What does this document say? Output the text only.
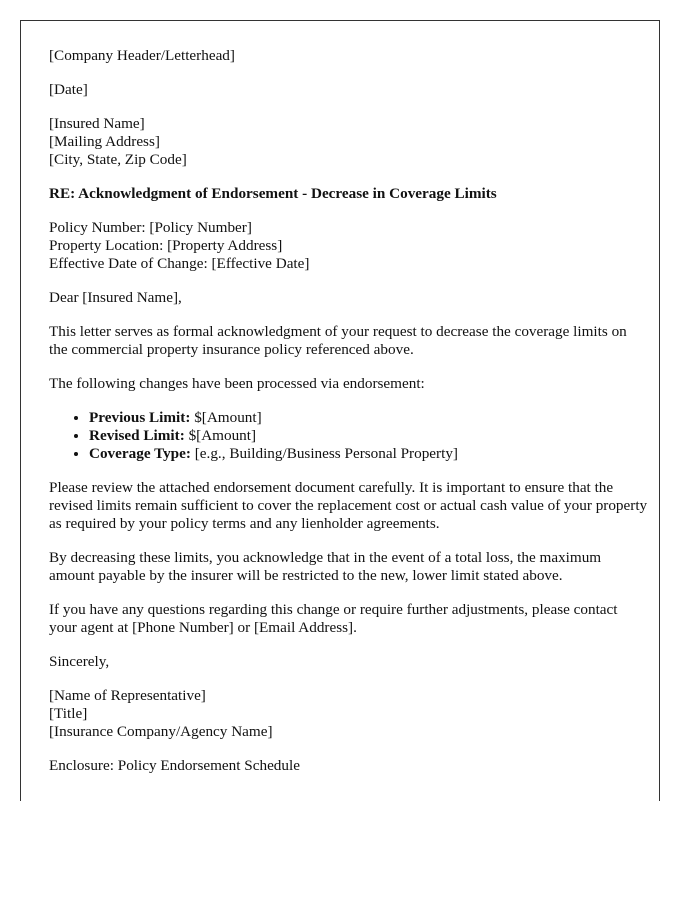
[Company Header/Letterhead]

[Date]

[Insured Name]
[Mailing Address]
[City, State, Zip Code]

RE: Acknowledgment of Endorsement - Decrease in Coverage Limits

Policy Number: [Policy Number]
Property Location: [Property Address]
Effective Date of Change: [Effective Date]

Dear [Insured Name],

This letter serves as formal acknowledgment of your request to decrease the coverage limits on the commercial property insurance policy referenced above.

The following changes have been processed via endorsement:

• Previous Limit: $[Amount]
• Revised Limit: $[Amount]
• Coverage Type: [e.g., Building/Business Personal Property]

Please review the attached endorsement document carefully. It is important to ensure that the revised limits remain sufficient to cover the replacement cost or actual cash value of your property as required by your policy terms and any lienholder agreements.

By decreasing these limits, you acknowledge that in the event of a total loss, the maximum amount payable by the insurer will be restricted to the new, lower limit stated above.

If you have any questions regarding this change or require further adjustments, please contact your agent at [Phone Number] or [Email Address].

Sincerely,

[Name of Representative]
[Title]
[Insurance Company/Agency Name]

Enclosure: Policy Endorsement Schedule
